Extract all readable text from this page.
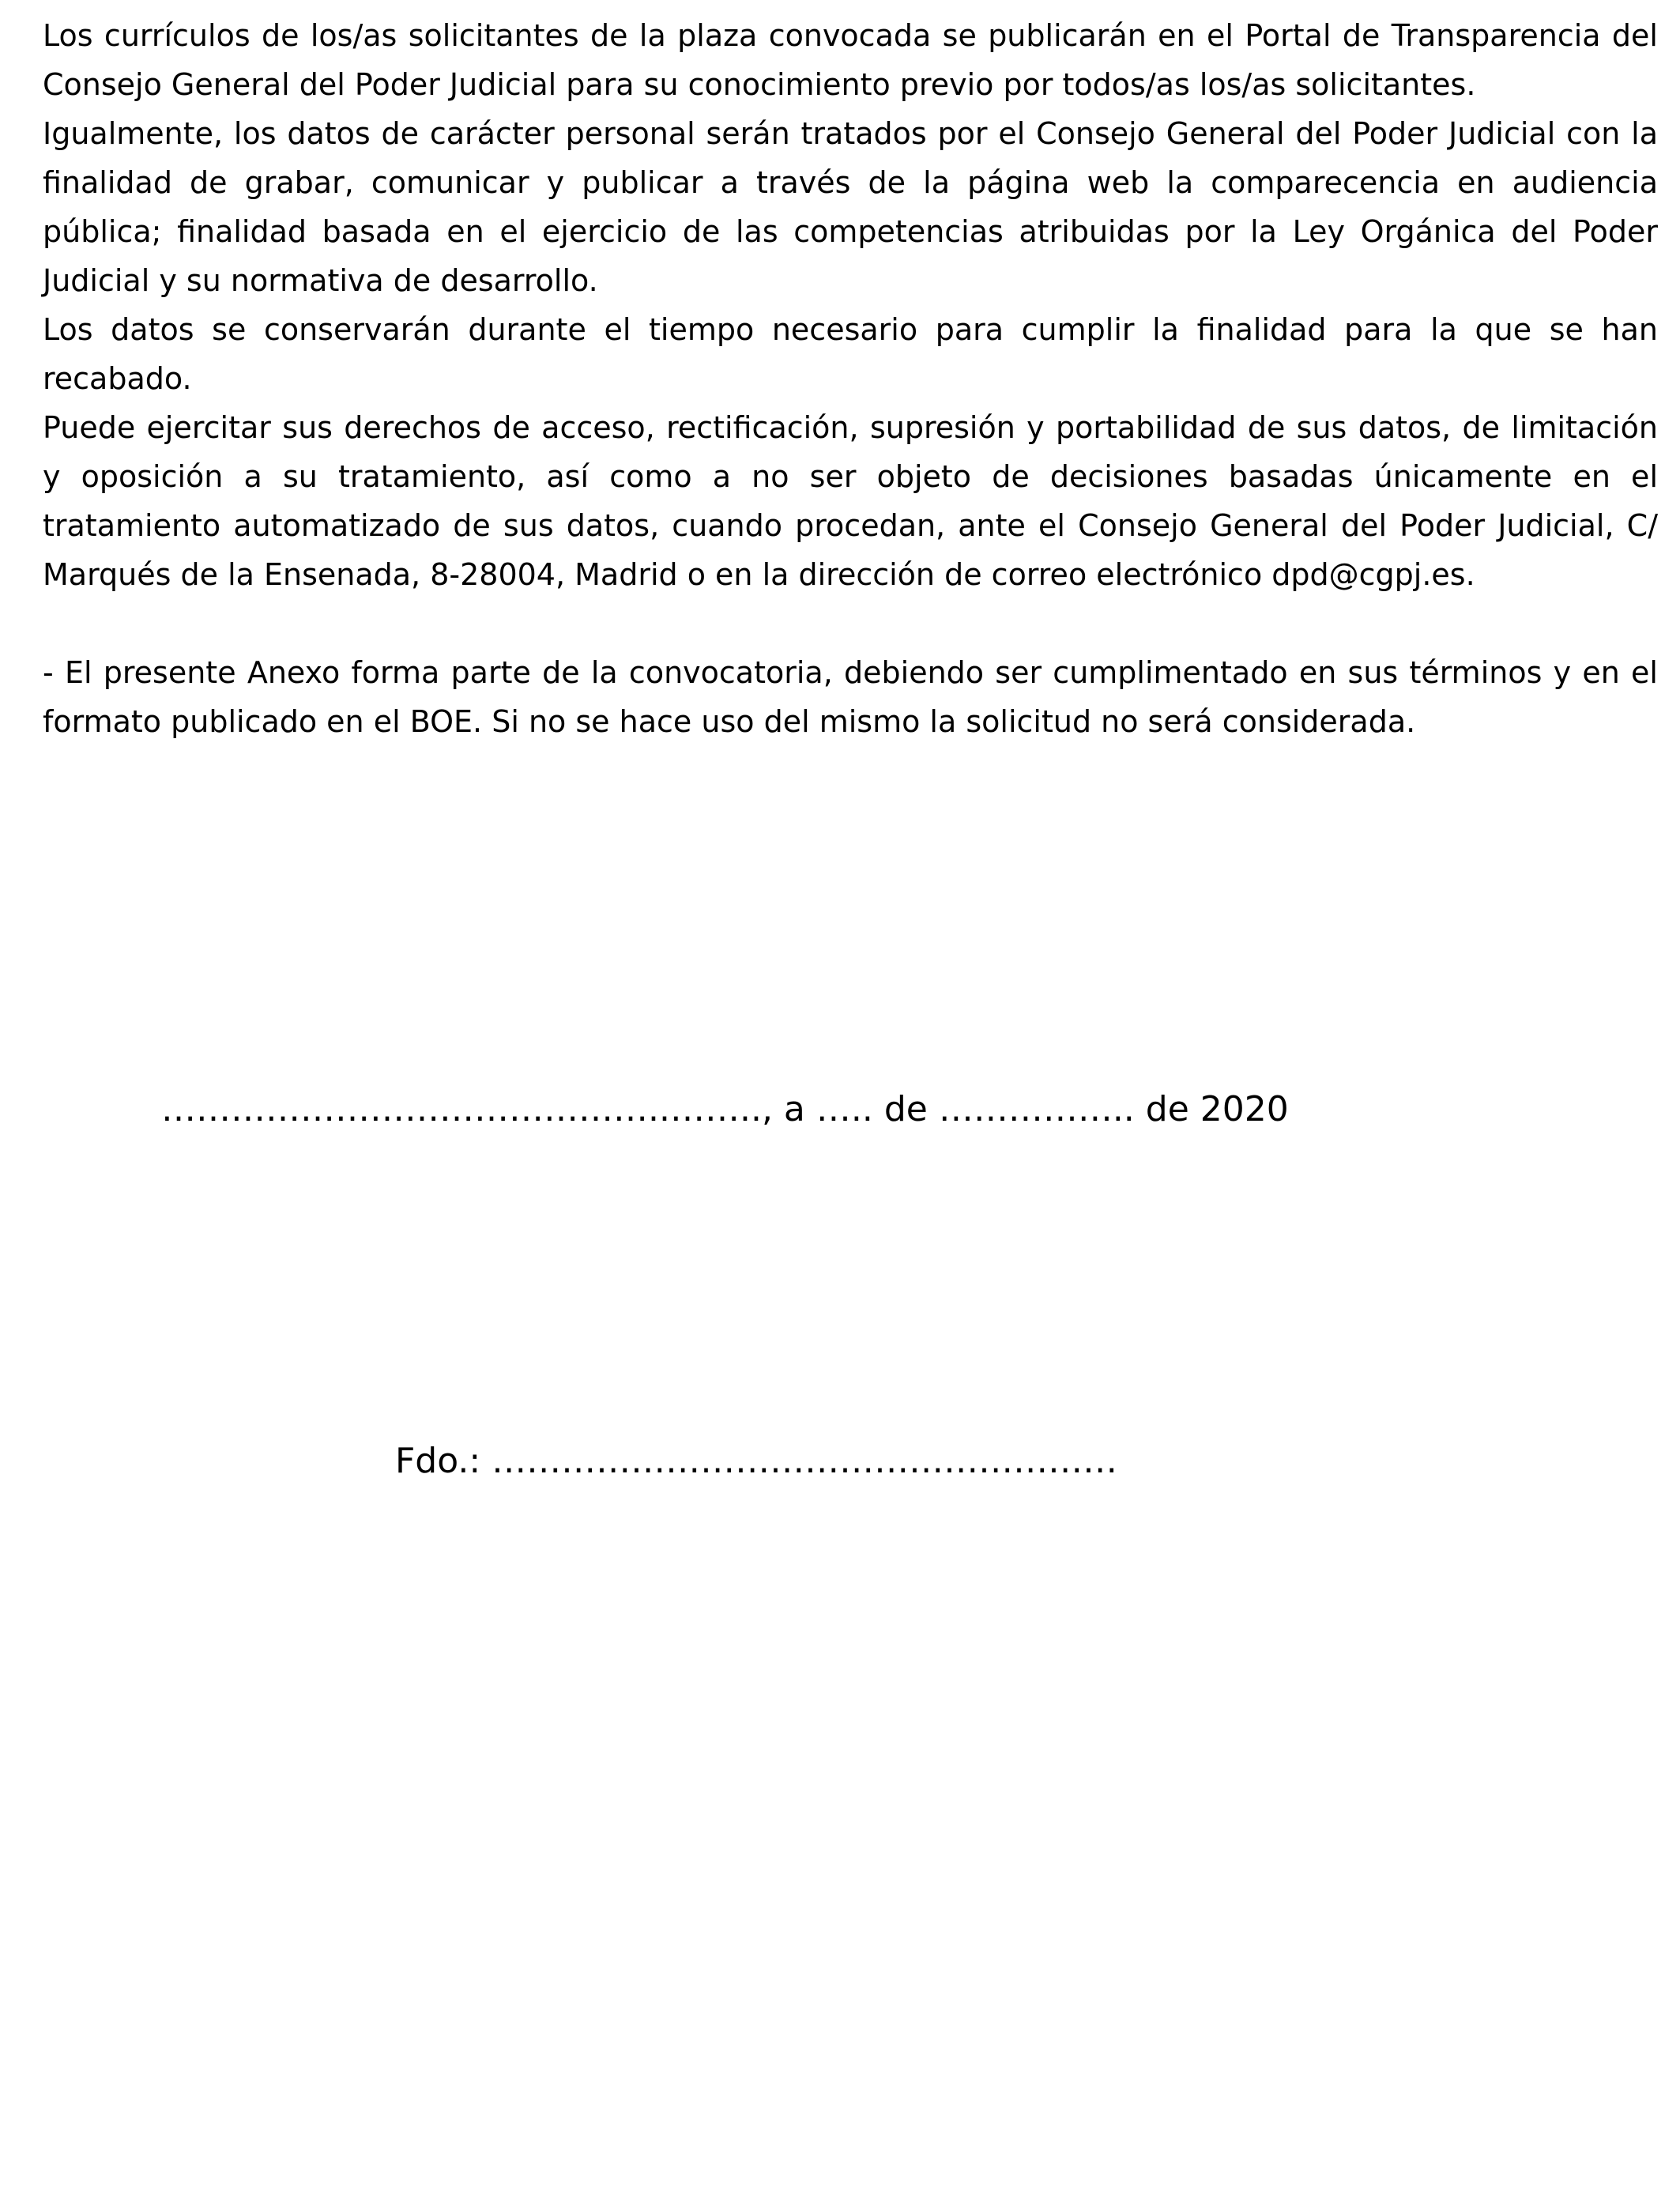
Los currículos de los/as solicitantes de la plaza convocada se publicarán en el Portal de Transparencia del Consejo General del Poder Judicial para su conocimiento previo por todos/as los/as solicitantes.

Igualmente, los datos de carácter personal serán tratados por el Consejo General del Poder Judicial con la finalidad de grabar, comunicar y publicar a través de la página web la comparecencia en audiencia pública; finalidad basada en el ejercicio de las competencias atribuidas por la Ley Orgánica del Poder Judicial y su normativa de desarrollo.

Los datos se conservarán durante el tiempo necesario para cumplir la finalidad para la que se han recabado.

Puede ejercitar sus derechos de acceso, rectificación, supresión y portabilidad de sus datos, de limitación y oposición a su tratamiento, así como a no ser objeto de decisiones basadas únicamente en el tratamiento automatizado de sus datos, cuando procedan, ante el Consejo General del Poder Judicial, C/ Marqués de la Ensenada, 8-28004, Madrid o en la dirección de correo electrónico dpd@cgpj.es.

- El presente Anexo forma parte de la convocatoria, debiendo ser cumplimentado en sus términos y en el formato publicado en el BOE. Si no se hace uso del mismo la solicitud no será considerada.

……………………………………..…….., a ….. de …………….. de 2020
Fdo.: ………………………………………………
